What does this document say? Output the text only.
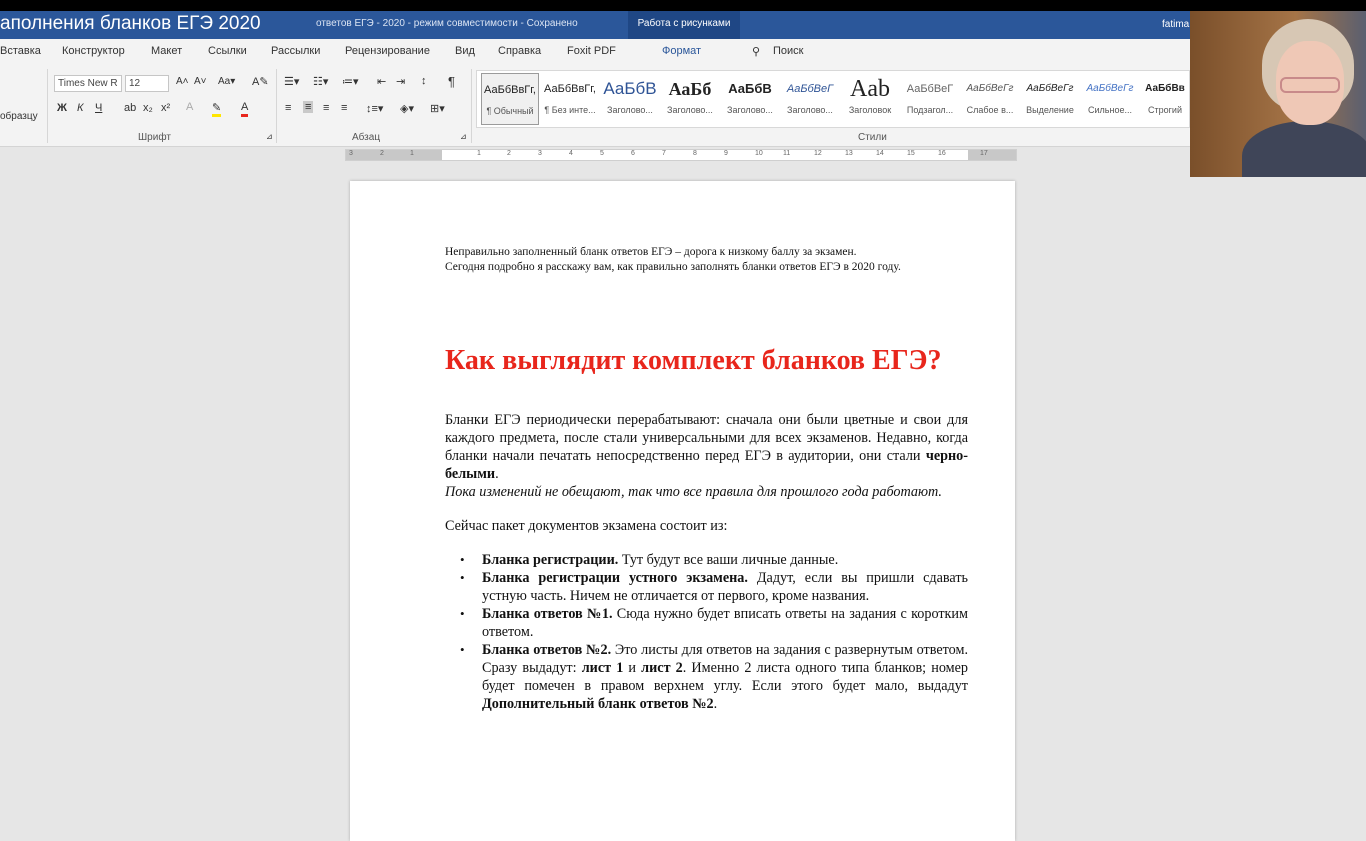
аполнения бланков ЕГЭ 2020	ответов ЕГЭ - 2020 - режим совместимости - Сохранено	Работа с рисунками	fatima
Вставка Конструктор Макет Ссылки Рассылки Рецензирование Вид Справка Foxit PDF	Формат	⚲ Поиск
образцу
Times New R	12	A˄ A˅ Aa▾ A✎
Ж К Ч ab x₂ x² A ✎ A
Шрифт	⊿
☰▾ ☷▾ ≔▾ ⇤ ⇥ ↕ ¶
≡ ≡ ≡ ≡ ↕≡▾ ◈▾ ⊞▾
Абзац	⊿
АаБбВвГг,
¶ Обычный
АаБбВвГг,
¶ Без инте...
АаБбВ
Заголово...
АаБб
Заголово...
АаБбВ
Заголово...
АаБбВеГ
Заголово...
Aab
Заголовок
АаБбВеГ
Подзагол...
АаБбВеГг
Слабое в...
АаБбВеГг
Выделение
АаБбВеГг
Сильное...
АаБбВв
Строгий
Стили
3	2	1	1	2	3	4	5	6	7	8	9	10	11	12	13	14	15	16	17
Неправильно заполненный бланк ответов ЕГЭ – дорога к низкому баллу за экзамен.
Сегодня подробно я расскажу вам, как правильно заполнять бланки ответов ЕГЭ в 2020 году.
Как выглядит комплект бланков ЕГЭ?

Бланки ЕГЭ периодически перерабатывают: сначала они были цветные и свои для каждого предмета, после стали универсальными для всех экзаменов. Недавно, когда бланки начали печатать непосредственно перед ЕГЭ в аудитории, они стали черно-белыми.

Пока изменений не обещают, так что все правила для прошлого года работают.

Сейчас пакет документов экзамена состоит из:

• Бланка регистрации. Тут будут все ваши личные данные.
• Бланка регистрации устного экзамена. Дадут, если вы пришли сдавать устную часть. Ничем не отличается от первого, кроме названия.
• Бланка ответов №1. Сюда нужно будет вписать ответы на задания с коротким ответом.
• Бланка ответов №2. Это листы для ответов на задания с развернутым ответом. Сразу выдадут: лист 1 и лист 2. Именно 2 листа одного типа бланков; номер будет помечен в правом верхнем углу. Если этого будет мало, выдадут Дополнительный бланк ответов №2.
